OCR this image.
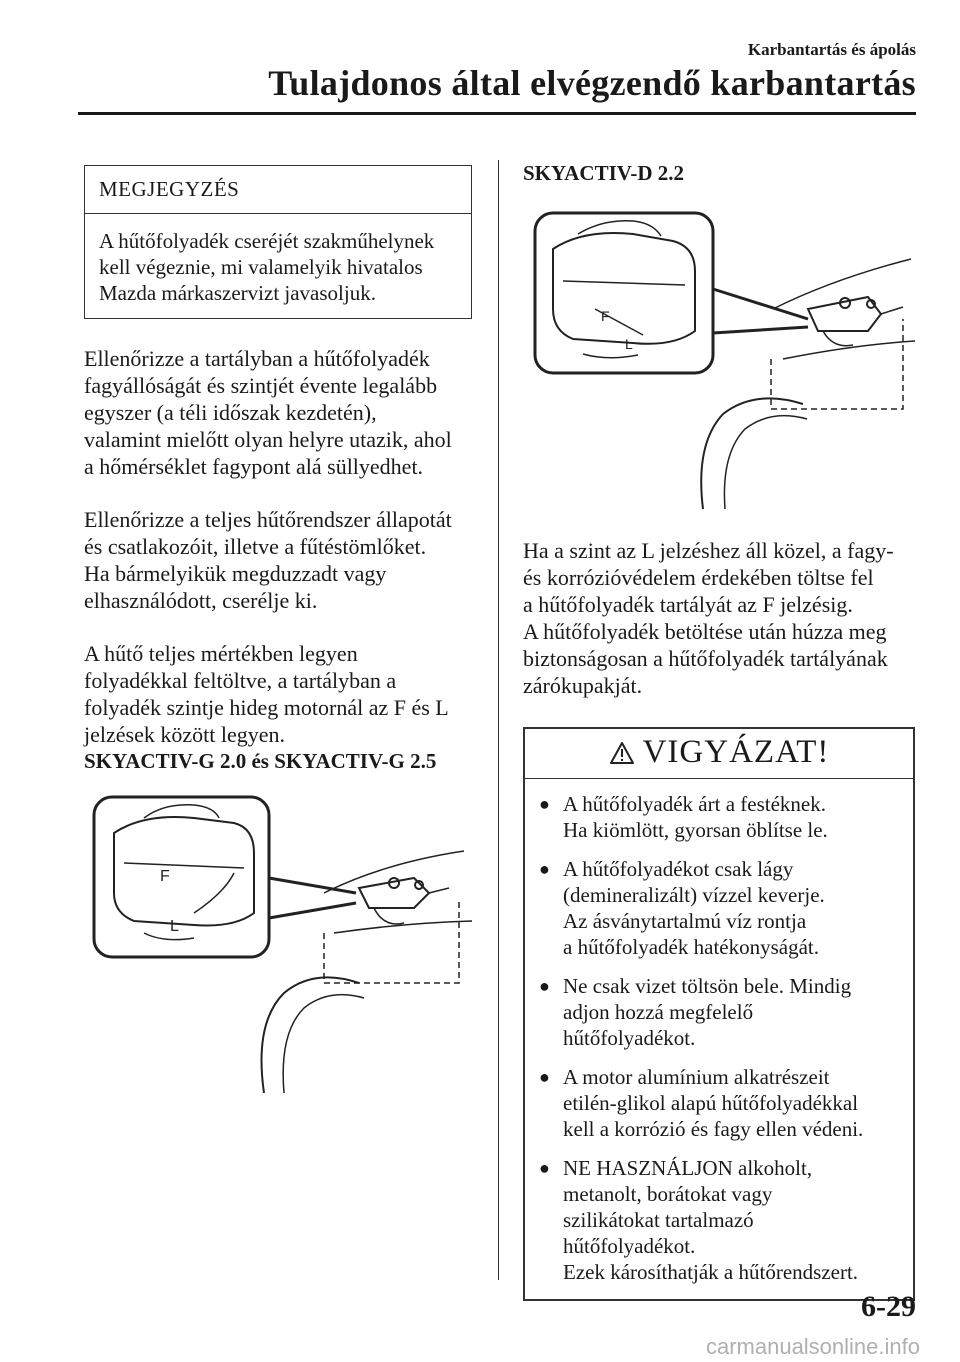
Karbantartás és ápolás
Tulajdonos által elvégzendő karbantartás
MEGJEGYZÉS
A hűtőfolyadék cseréjét szakműhelynek
kell végeznie, mi valamelyik hivatalos
Mazda márkaszervizt javasoljuk.
Ellenőrizze a tartályban a hűtőfolyadék
fagyállóságát és szintjét évente legalább
egyszer (a téli időszak kezdetén),
valamint mielőtt olyan helyre utazik, ahol
a hőmérséklet fagypont alá süllyedhet.
Ellenőrizze a teljes hűtőrendszer állapotát
és csatlakozóit, illetve a fűtéstömlőket.
Ha bármelyikük megduzzadt vagy
elhasználódott, cserélje ki.
A hűtő teljes mértékben legyen
folyadékkal feltöltve, a tartályban a
folyadék szintje hideg motornál az F és L
jelzések között legyen.
SKYACTIV-G 2.0 és SKYACTIV-G 2.5
F
L
SKYACTIV-D 2.2
F
L
Ha a szint az L jelzéshez áll közel, a fagy-
és korrózióvédelem érdekében töltse fel
a hűtőfolyadék tartályát az F jelzésig.
A hűtőfolyadék betöltése után húzza meg
biztonságosan a hűtőfolyadék tartályának
zárókupakját.
VIGYÁZAT!
● A hűtőfolyadék árt a festéknek.
Ha kiömlött, gyorsan öblítse le.
● A hűtőfolyadékot csak lágy
(demineralizált) vízzel keverje.
Az ásványtartalmú víz rontja
a hűtőfolyadék hatékonyságát.
● Ne csak vizet töltsön bele. Mindig
adjon hozzá megfelelő
hűtőfolyadékot.
● A motor alumínium alkatrészeit
etilén-glikol alapú hűtőfolyadékkal
kell a korrózió és fagy ellen védeni.
● NE HASZNÁLJON alkoholt,
metanolt, borátokat vagy
szilikátokat tartalmazó
hűtőfolyadékot.
Ezek károsíthatják a hűtőrendszert.
6-29
carmanualsonline.info
